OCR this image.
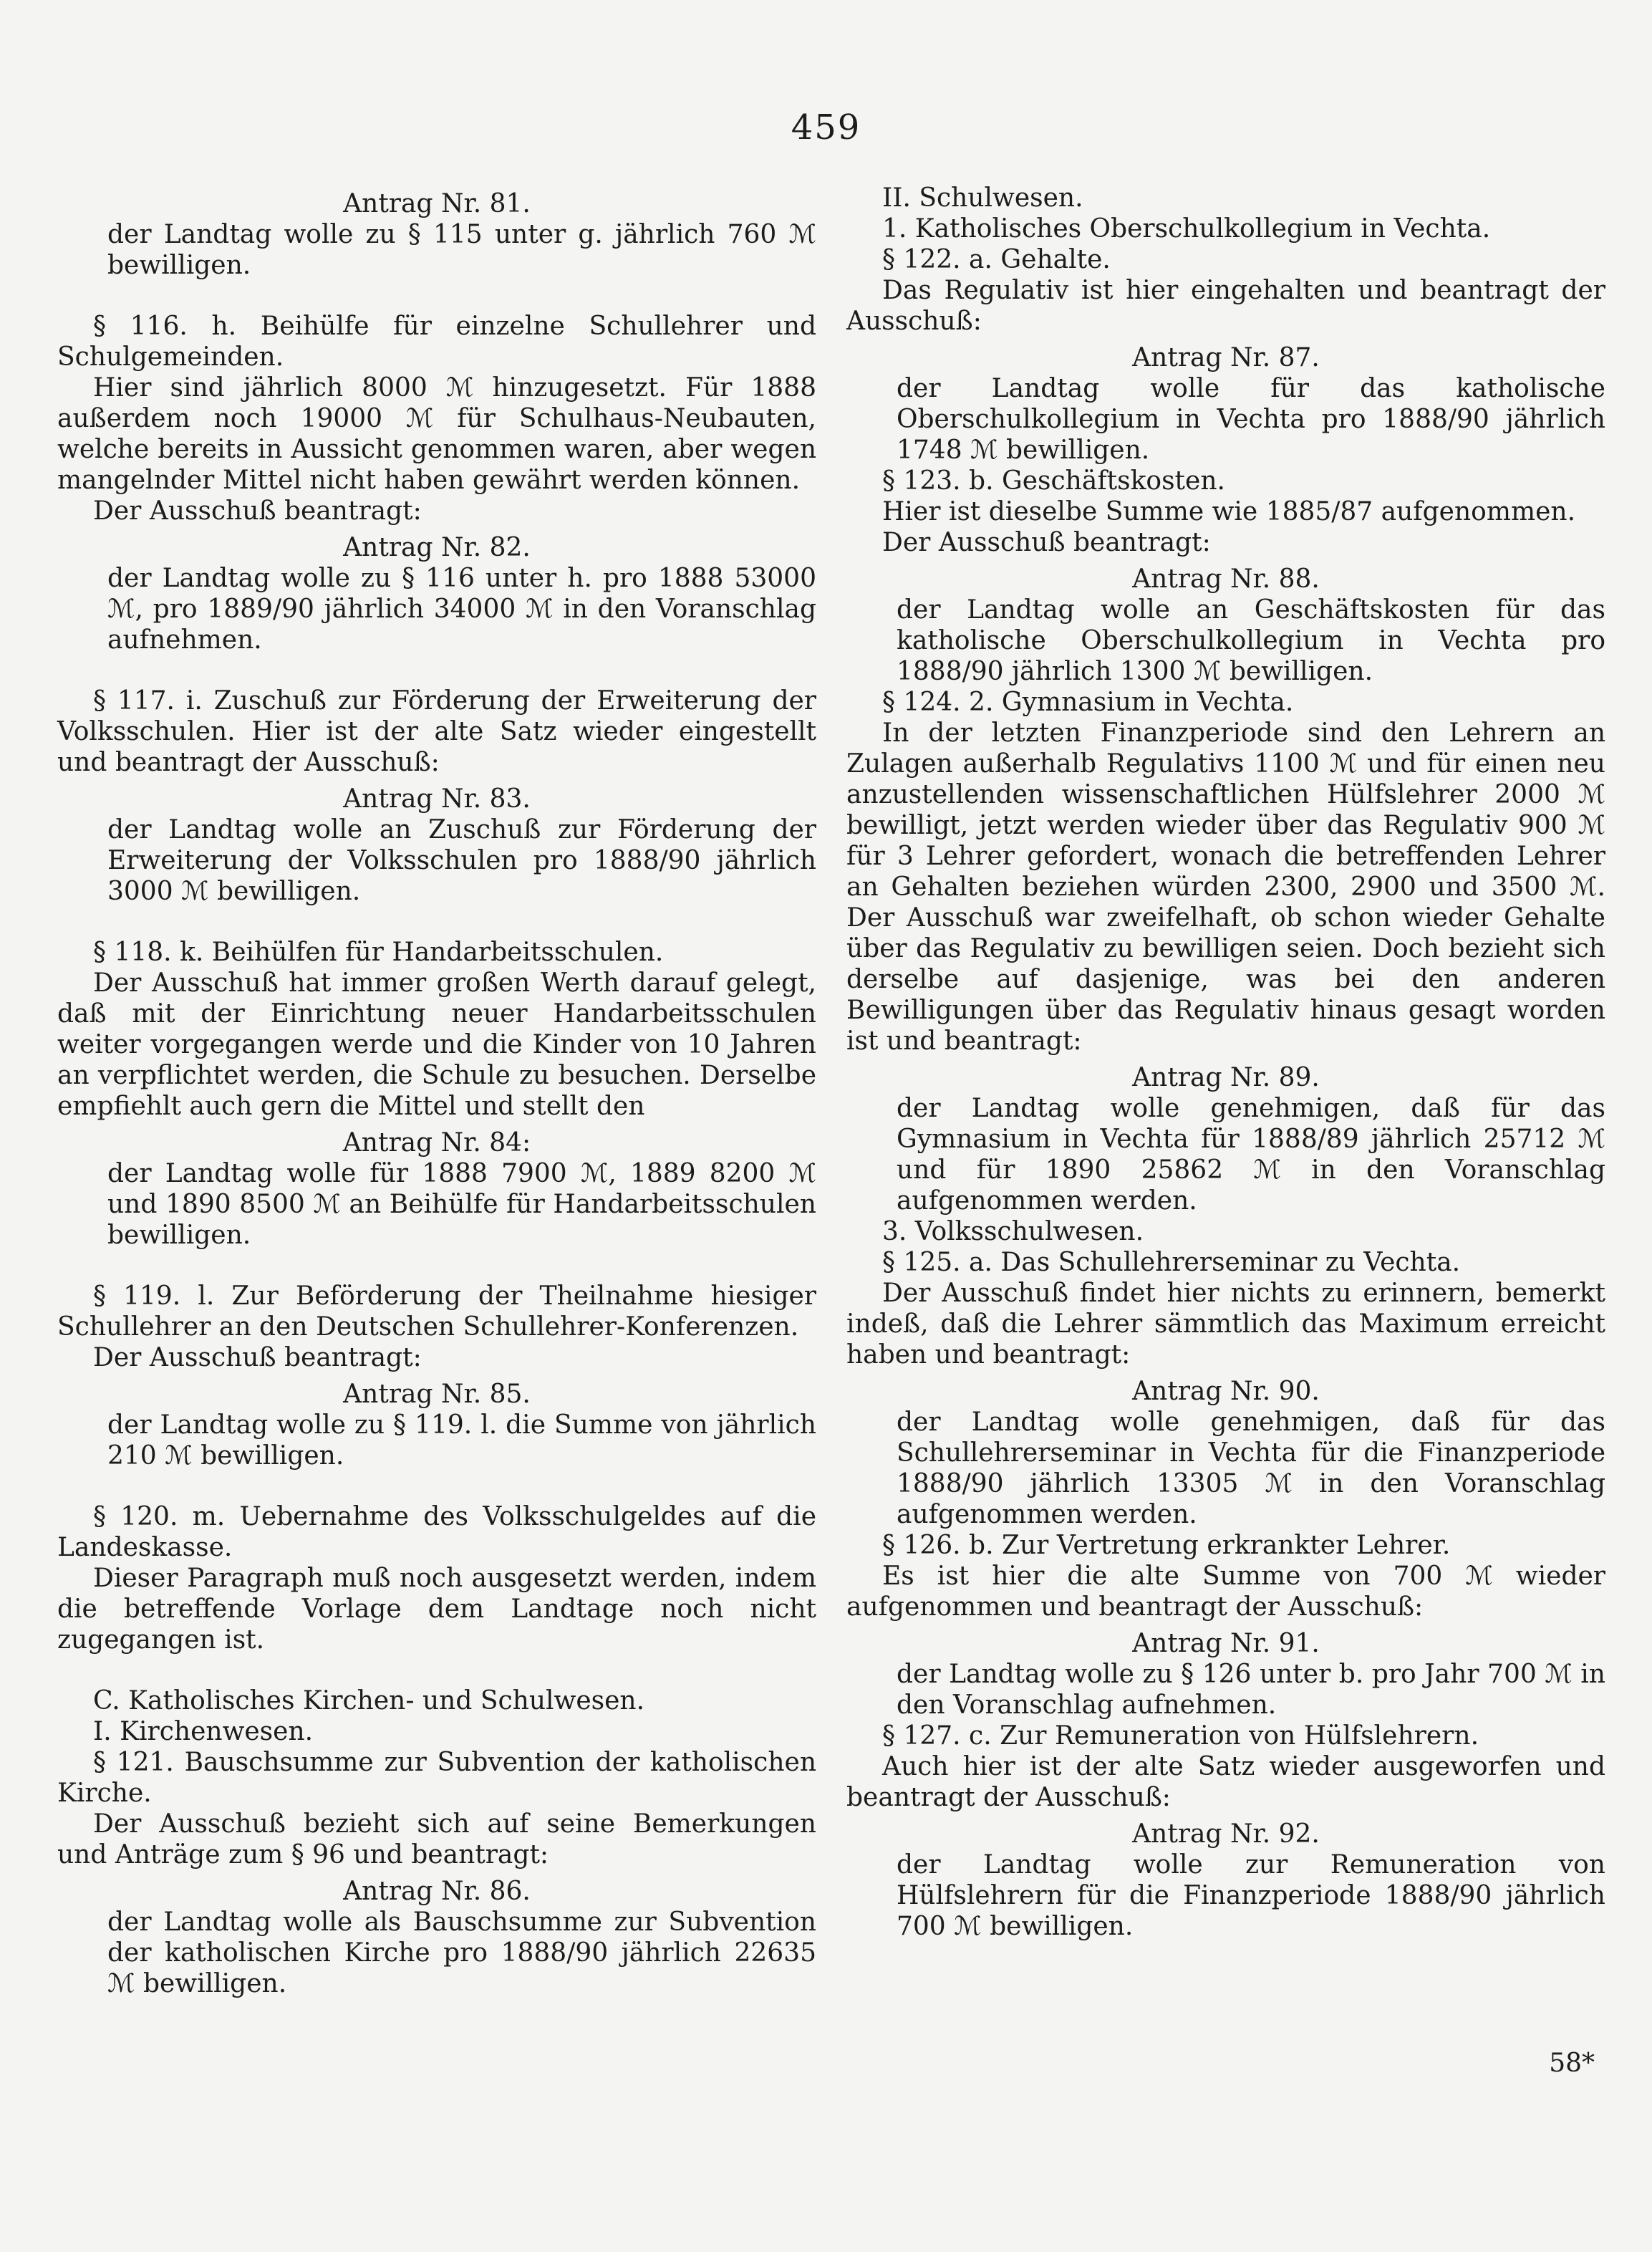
459

Antrag Nr. 81.

der Landtag wolle zu § 115 unter g. jährlich 760 ℳ bewilligen.

§ 116. h. Beihülfe für einzelne Schullehrer und Schulgemeinden.

Hier sind jährlich 8000 ℳ hinzugesetzt. Für 1888 außerdem noch 19000 ℳ für Schulhaus-Neubauten, welche bereits in Aussicht genommen waren, aber wegen mangelnder Mittel nicht haben gewährt werden können.

Der Ausschuß beantragt:

Antrag Nr. 82.

der Landtag wolle zu § 116 unter h. pro 1888 53000 ℳ, pro 1889/90 jährlich 34000 ℳ in den Voranschlag aufnehmen.

§ 117. i. Zuschuß zur Förderung der Erweiterung der Volksschulen. Hier ist der alte Satz wieder eingestellt und beantragt der Ausschuß:

Antrag Nr. 83.

der Landtag wolle an Zuschuß zur Förderung der Erweiterung der Volksschulen pro 1888/90 jährlich 3000 ℳ bewilligen.

§ 118. k. Beihülfen für Handarbeitsschulen.

Der Ausschuß hat immer großen Werth darauf gelegt, daß mit der Einrichtung neuer Handarbeitsschulen weiter vorgegangen werde und die Kinder von 10 Jahren an verpflichtet werden, die Schule zu besuchen. Derselbe empfiehlt auch gern die Mittel und stellt den

Antrag Nr. 84:

der Landtag wolle für 1888 7900 ℳ, 1889 8200 ℳ und 1890 8500 ℳ an Beihülfe für Handarbeitsschulen bewilligen.

§ 119. l. Zur Beförderung der Theilnahme hiesiger Schullehrer an den Deutschen Schullehrer-Konferenzen.

Der Ausschuß beantragt:

Antrag Nr. 85.

der Landtag wolle zu § 119. l. die Summe von jährlich 210 ℳ bewilligen.

§ 120. m. Uebernahme des Volksschulgeldes auf die Landeskasse.

Dieser Paragraph muß noch ausgesetzt werden, indem die betreffende Vorlage dem Landtage noch nicht zugegangen ist.

C. Katholisches Kirchen- und Schulwesen.

I. Kirchenwesen.

§ 121. Bauschsumme zur Subvention der katholischen Kirche.

Der Ausschuß bezieht sich auf seine Bemerkungen und Anträge zum § 96 und beantragt:

Antrag Nr. 86.

der Landtag wolle als Bauschsumme zur Subvention der katholischen Kirche pro 1888/90 jährlich 22635 ℳ bewilligen.

II. Schulwesen.

1. Katholisches Oberschulkollegium in Vechta.

§ 122. a. Gehalte.

Das Regulativ ist hier eingehalten und beantragt der Ausschuß:

Antrag Nr. 87.

der Landtag wolle für das katholische Oberschulkollegium in Vechta pro 1888/90 jährlich 1748 ℳ bewilligen.

§ 123. b. Geschäftskosten.

Hier ist dieselbe Summe wie 1885/87 aufgenommen.

Der Ausschuß beantragt:

Antrag Nr. 88.

der Landtag wolle an Geschäftskosten für das katholische Oberschulkollegium in Vechta pro 1888/90 jährlich 1300 ℳ bewilligen.

§ 124. 2. Gymnasium in Vechta.

In der letzten Finanzperiode sind den Lehrern an Zulagen außerhalb Regulativs 1100 ℳ und für einen neu anzustellenden wissenschaftlichen Hülfslehrer 2000 ℳ bewilligt, jetzt werden wieder über das Regulativ 900 ℳ für 3 Lehrer gefordert, wonach die betreffenden Lehrer an Gehalten beziehen würden 2300, 2900 und 3500 ℳ. Der Ausschuß war zweifelhaft, ob schon wieder Gehalte über das Regulativ zu bewilligen seien. Doch bezieht sich derselbe auf dasjenige, was bei den anderen Bewilligungen über das Regulativ hinaus gesagt worden ist und beantragt:

Antrag Nr. 89.

der Landtag wolle genehmigen, daß für das Gymnasium in Vechta für 1888/89 jährlich 25712 ℳ und für 1890 25862 ℳ in den Voranschlag aufgenommen werden.

3. Volksschulwesen.

§ 125. a. Das Schullehrerseminar zu Vechta.

Der Ausschuß findet hier nichts zu erinnern, bemerkt indeß, daß die Lehrer sämmtlich das Maximum erreicht haben und beantragt:

Antrag Nr. 90.

der Landtag wolle genehmigen, daß für das Schullehrerseminar in Vechta für die Finanzperiode 1888/90 jährlich 13305 ℳ in den Voranschlag aufgenommen werden.

§ 126. b. Zur Vertretung erkrankter Lehrer.

Es ist hier die alte Summe von 700 ℳ wieder aufgenommen und beantragt der Ausschuß:

Antrag Nr. 91.

der Landtag wolle zu § 126 unter b. pro Jahr 700 ℳ in den Voranschlag aufnehmen.

§ 127. c. Zur Remuneration von Hülfslehrern.

Auch hier ist der alte Satz wieder ausgeworfen und beantragt der Ausschuß:

Antrag Nr. 92.

der Landtag wolle zur Remuneration von Hülfslehrern für die Finanzperiode 1888/90 jährlich 700 ℳ bewilligen.

58*
